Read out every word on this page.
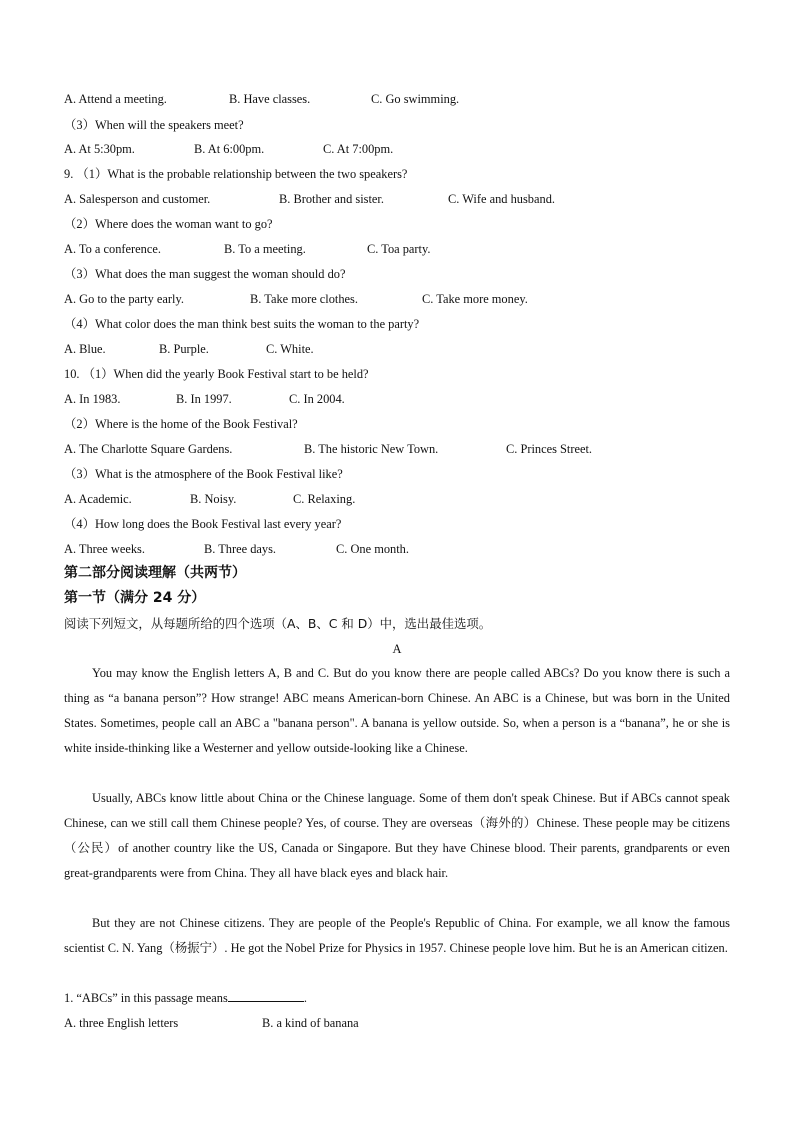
A. Attend a meeting.	B. Have classes.	C. Go swimming.
（3）When will the speakers meet?
A. At 5:30pm.	B. At 6:00pm.	C. At 7:00pm.
9. （1）What is the probable relationship between the two speakers?
A. Salesperson and customer.	B. Brother and sister.	C. Wife and husband.
（2）Where does the woman want to go?
A. To a conference.	B. To a meeting.	C. Toa party.
（3）What does the man suggest the woman should do?
A. Go to the party early.	B. Take more clothes.	C. Take more money.
（4）What color does the man think best suits the woman to the party?
A. Blue.	B. Purple.	C. White.
10. （1）When did the yearly Book Festival start to be held?
A. In 1983.	B. In 1997.	C. In 2004.
（2）Where is the home of the Book Festival?
A. The Charlotte Square Gardens.	B. The historic New Town.	C. Princes Street.
（3）What is the atmosphere of the Book Festival like?
A. Academic.	B. Noisy.	C. Relaxing.
（4）How long does the Book Festival last every year?
A. Three weeks.	B. Three days.	C. One month.
第二部分阅读理解（共两节）
第一节（满分 24 分）
阅读下列短文，从每题所给的四个选项（A、B、C 和 D）中，选出最佳选项。
A
You may know the English letters A, B and C. But do you know there are people called ABCs? Do you know there is such a thing as “a banana person”? How strange! ABC means American-born Chinese. An ABC is a Chinese, but was born in the United States. Sometimes, people call an ABC a "banana person". A banana is yellow outside. So, when a person is a “banana”, he or she is white inside-thinking like a Westerner and yellow outside-looking like a Chinese.
Usually, ABCs know little about China or the Chinese language. Some of them don't speak Chinese. But if ABCs cannot speak Chinese, can we still call them Chinese people? Yes, of course. They are overseas（海外的）Chinese. These people may be citizens（公民）of another country like the US, Canada or Singapore. But they have Chinese blood. Their parents, grandparents or even great-grandparents were from China. They all have black eyes and black hair.
But they are not Chinese citizens. They are people of the People's Republic of China. For example, we all know the famous scientist C. N. Yang（杨振宁）. He got the Nobel Prize for Physics in 1957. Chinese people love him. But he is an American citizen.
1. “ABCs” in this passage means	.
A. three English letters	B. a kind of banana
